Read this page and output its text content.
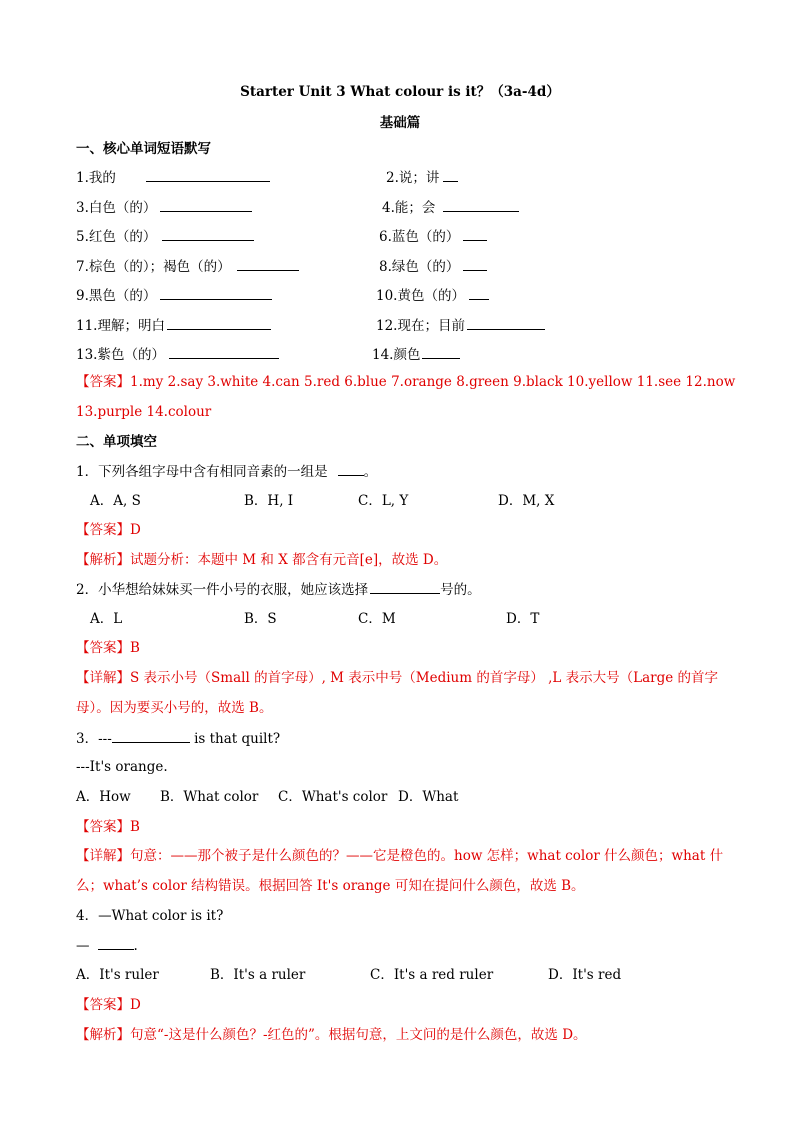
Starter Unit 3 What colour is it？（3a-4d）
基础篇
一、核心单词短语默写
1.我的	2.说；讲
3.白色（的）	4.能；会
5.红色（的）	6.蓝色（的）
7.棕色（的）；褐色（的）	8.绿色（的）
9.黑色（的）	10.黄色（的）
11.理解；明白	12.现在；目前
13.紫色（的）	14.颜色
【答案】1.my 2.say 3.white 4.can 5.red 6.blue 7.orange 8.green 9.black 10.yellow 11.see 12.now
13.purple 14.colour
二、单项填空
1．下列各组字母中含有相同音素的一组是	。
A．A, S	B．H, I	C．L, Y	D．M, X
【答案】D
【解析】试题分析：本题中 M 和 X 都含有元音[e]，故选 D。
2．小华想给妹妹买一件小号的衣服，她应该选择	号的。
A．L	B．S	C．M	D．T
【答案】B
【详解】S 表示小号（Small 的首字母）, M 表示中号（Medium 的首字母） ,L 表示大号（Large 的首字
母）。因为要买小号的，故选 B。
3．---	is that quilt?
---It's orange.
A．How B．What color C．What's color D．What
【答案】B
【详解】句意：——那个被子是什么颜色的？——它是橙色的。how 怎样；what color 什么颜色；what 什
么；what’s color 结构错误。根据回答 It's orange 可知在提问什么颜色，故选 B。
4．—What color is it?
—	.
A．It's ruler	B．It's a ruler	C．It's a red ruler	D．It's red
【答案】D
【解析】句意“-这是什么颜色？-红色的”。根据句意，上文问的是什么颜色，故选 D。
